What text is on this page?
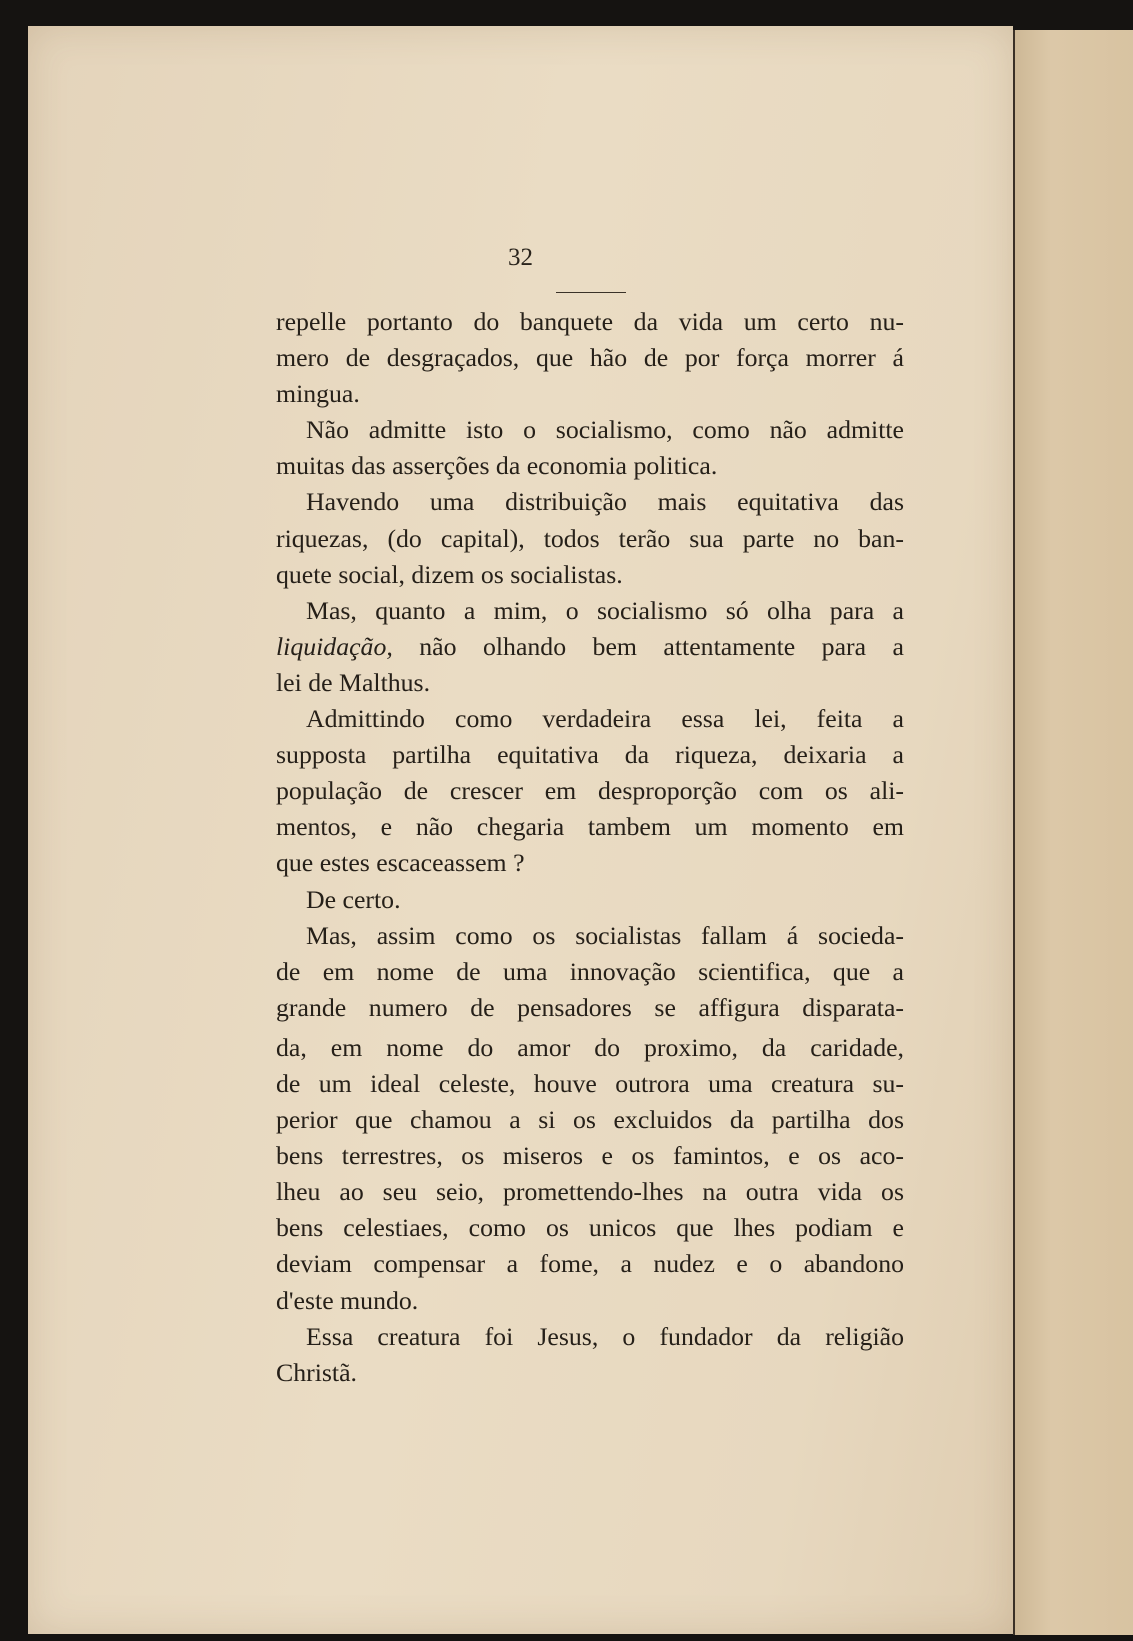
32
repelle portanto do banquete da vida um certo nu-
mero de desgraçados, que hão de por força morrer á
mingua.
Não admitte isto o socialismo, como não admitte
muitas das asserções da economia politica.
Havendo uma distribuição mais equitativa das
riquezas, (do capital), todos terão sua parte no ban-
quete social, dizem os socialistas.
Mas, quanto a mim, o socialismo só olha para a
liquidação, não olhando bem attentamente para a
lei de Malthus.
Admittindo como verdadeira essa lei, feita a
supposta partilha equitativa da riqueza, deixaria a
população de crescer em desproporção com os ali-
mentos, e não chegaria tambem um momento em
que estes escaceassem ?
De certo.
Mas, assim como os socialistas fallam á socieda-
de em nome de uma innovação scientifica, que a
grande numero de pensadores se affigura disparata-
da, em nome do amor do proximo, da caridade,
de um ideal celeste, houve outrora uma creatura su-
perior que chamou a si os excluidos da partilha dos
bens terrestres, os miseros e os famintos, e os aco-
lheu ao seu seio, promettendo-lhes na outra vida os
bens celestiaes, como os unicos que lhes podiam e
deviam compensar a fome, a nudez e o abandono
d'este mundo.
Essa creatura foi Jesus, o fundador da religião
Christã.
